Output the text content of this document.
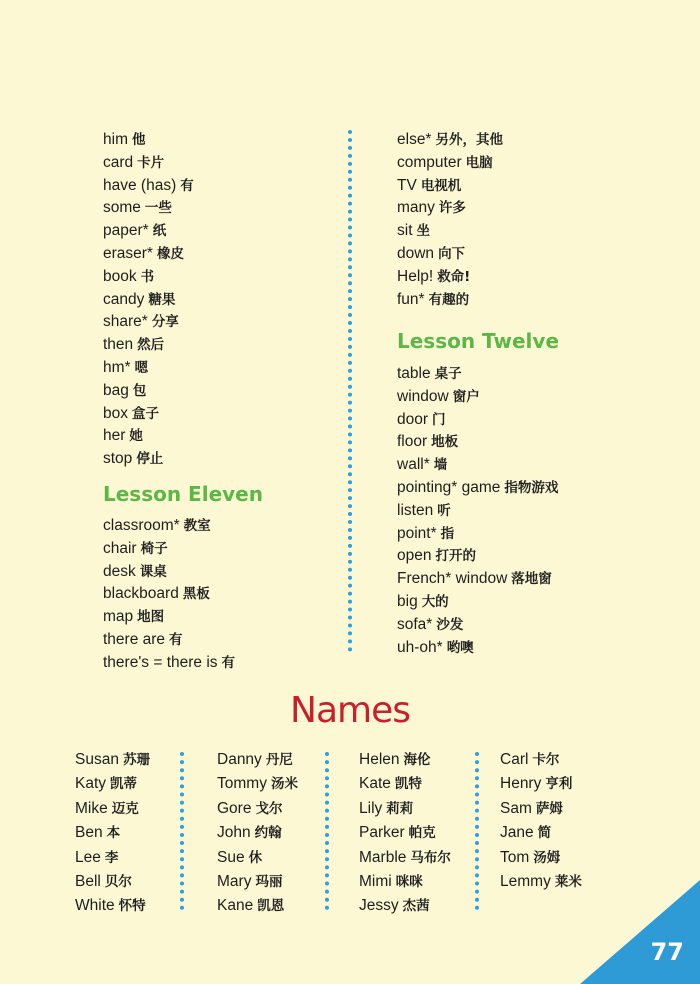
him 他
card 卡片
have (has) 有
some 一些
paper* 纸
eraser* 橡皮
book 书
candy 糖果
share* 分享
then 然后
hm* 嗯
bag 包
box 盒子
her 她
stop 停止
Lesson Eleven
classroom* 教室
chair 椅子
desk 课桌
blackboard 黑板
map 地图
there are 有
there's = there is 有
else* 另外，其他
computer 电脑
TV 电视机
many 许多
sit 坐
down 向下
Help! 救命!
fun* 有趣的
Lesson Twelve
table 桌子
window 窗户
door 门
floor 地板
wall* 墙
pointing* game 指物游戏
listen 听
point* 指
open 打开的
French* window 落地窗
big 大的
sofa* 沙发
uh-oh* 哟噢
Names
Susan 苏珊
Katy 凯蒂
Mike 迈克
Ben 本
Lee 李
Bell 贝尔
White 怀特
Danny 丹尼
Tommy 汤米
Gore 戈尔
John 约翰
Sue 休
Mary 玛丽
Kane 凯恩
Helen 海伦
Kate 凯特
Lily 莉莉
Parker 帕克
Marble 马布尔
Mimi 咪咪
Jessy 杰茜
Carl 卡尔
Henry 亨利
Sam 萨姆
Jane 简
Tom 汤姆
Lemmy 莱米
77
